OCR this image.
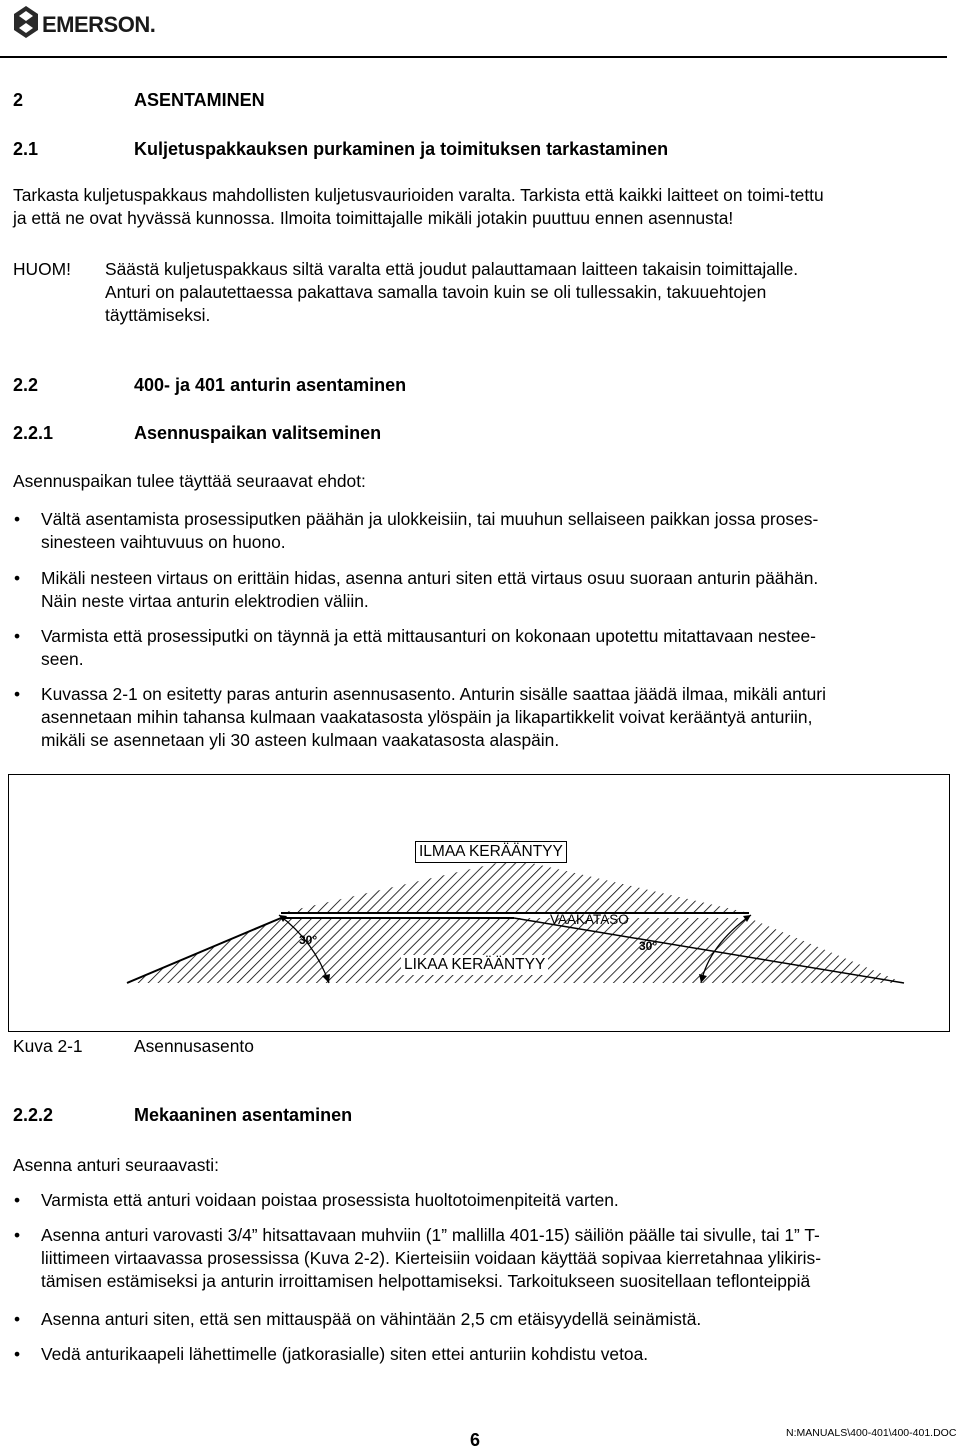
EMERSON.
2	ASENTAMINEN
2.1	Kuljetuspakkauksen purkaminen ja toimituksen tarkastaminen
Tarkasta kuljetuspakkaus mahdollisten kuljetusvaurioiden varalta. Tarkista että kaikki laitteet on toimi-tettu
ja että ne ovat hyvässä kunnossa. Ilmoita toimittajalle mikäli jotakin puuttuu ennen asennusta!
HUOM! Säästä kuljetuspakkaus siltä varalta että joudut palauttamaan laitteen takaisin toimittajalle.
Anturi on palautettaessa pakattava samalla tavoin kuin se oli tullessakin, takuuehtojen
täyttämiseksi.
2.2	400- ja 401 anturin asentaminen
2.2.1	Asennuspaikan valitseminen
Asennuspaikan tulee täyttää seuraavat ehdot:
• Vältä asentamista prosessiputken päähän ja ulokkeisiin, tai muuhun sellaiseen paikkan jossa proses-
sinesteen vaihtuvuus on huono.
• Mikäli nesteen virtaus on erittäin hidas, asenna anturi siten että virtaus osuu suoraan anturin päähän.
Näin neste virtaa anturin elektrodien väliin.
• Varmista että prosessiputki on täynnä ja että mittausanturi on kokonaan upotettu mitattavaan nestee-
seen.
• Kuvassa 2-1 on esitetty paras anturin asennusasento. Anturin sisälle saattaa jäädä ilmaa, mikäli anturi
asennetaan mihin tahansa kulmaan vaakatasosta ylöspäin ja likapartikkelit voivat kerääntyä anturiin,
mikäli se asennetaan yli 30 asteen kulmaan vaakatasosta alaspäin.
ILMAA KERÄÄNTYY
VAAKATASO
LIKAA KERÄÄNTYY
30°	30°
Kuva 2-1	Asennusasento
2.2.2	Mekaaninen asentaminen
Asenna anturi seuraavasti:
• Varmista että anturi voidaan poistaa prosessista huoltotoimenpiteitä varten.
• Asenna anturi varovasti 3/4” hitsattavaan muhviin (1” mallilla 401-15) säiliön päälle tai sivulle, tai 1” T-
liittimeen virtaavassa prosessissa (Kuva 2-2). Kierteisiin voidaan käyttää sopivaa kierretahnaa ylikiris-
tämisen estämiseksi ja anturin irroittamisen helpottamiseksi. Tarkoitukseen suositellaan teflonteippiä
• Asenna anturi siten, että sen mittauspää on vähintään 2,5 cm etäisyydellä seinämistä.
• Vedä anturikaapeli lähettimelle (jatkorasialle) siten ettei anturiin kohdistu vetoa.
6	N:MANUALS\400-401\400-401.DOC
